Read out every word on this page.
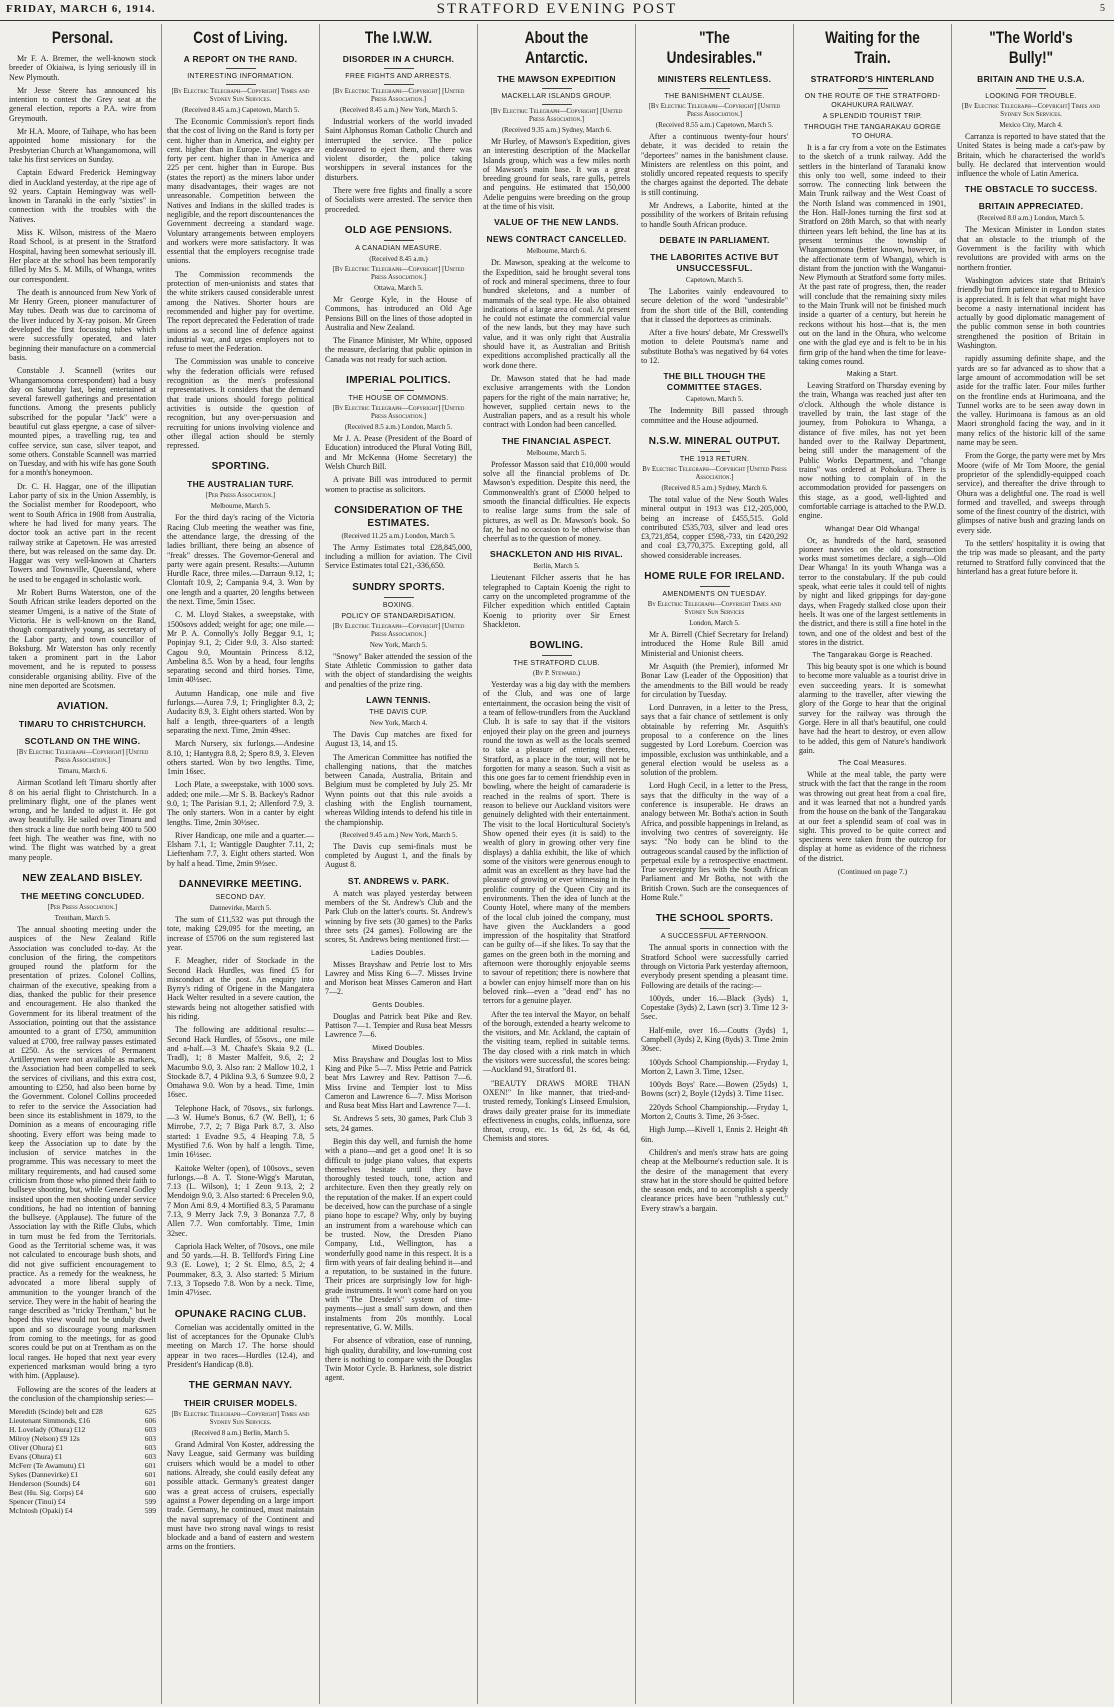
FRIDAY, MARCH 6, 1914.	STRATFORD EVENING POST	5
Personal.
Mr F. A. Bremer, the well-known stock breeder of Okiaiwa, is lying seriously ill in New Plymouth.
Mr Jesse Steere has announced his intention to contest the Grey seat at the general election, reports a P.A. wire from Greymouth.
Mr H.A. Moore, of Taihape, who has been appointed home missionary for the Presbyterian Church at Whangamomona, will take his first services on Sunday.
Captain Edward Frederick Hemingway died in Auckland yesterday, at the ripe age of 92 years. Captain Hemingway was well-known in Taranaki in the early "sixties" in connection with the troubles with the Natives.
Miss K. Wilson, mistress of the Maero Road School, is at present in the Stratford Hospital, having been somewhat seriously ill. Her place at the school has been temporarily filled by Mrs S. M. Mills, of Whanga, writes our correspondent.
The death is announced from New York of Mr Henry Green, pioneer manufacturer of May tubes. Death was due to carcinoma of the liver induced by X-ray poison. Mr Green developed the first focussing tubes which were successfully operated, and later beginning their manufacture on a commercial basis.
Constable J. Scannell (writes our Whangamomona correspondent) had a busy day on Saturday last, being entertained at several farewell gatherings and presentation functions. Among the presents publicly subscribed for the popular "Jack" were a beautiful cut glass epergne, a case of silver-mounted pipes, a travelling rug, tea and coffee service, sun case, silver teapot, and some others. Constable Scannell was married on Tuesday, and with his wife has gone South for a month's honeymoon.
Dr. C. H. Haggar, one of the illiputian Labor party of six in the Union Assembly, is the Socialist member for Roodepoort, who went to South Africa in 1908 from Australia, where he had lived for many years. The doctor took an active part in the recent railway strike at Capetown. He was arrested there, but was released on the same day. Dr. Haggar was very well-known at Charters Towers and Townsville, Queensland, where he used to be engaged in scholastic work.
Mr Robert Burns Waterston, one of the South African strike leaders deported on the steamer Umgeni, is a native of the State of Victoria. He is well-known on the Rand, though comparatively young, as secretary of the Labor party, and town councillor of Boksburg. Mr Waterston has only recently taken a prominent part in the Labor movement, and he is reputed to possess considerable organising ability. Five of the nine men deported are Scotsmen.
AVIATION.
TIMARU TO CHRISTCHURCH.
SCOTLAND ON THE WING.
[By Electric Telegraph—Copyright] [United Press Association.]
Timaru, March 6.
Airman Scotland left Timaru shortly after 8 on his aerial flight to Christchurch. In a preliminary flight, one of the planes went wrong, and he landed to adjust it. He got away beautifully. He sailed over Timaru and then struck a line due north being 400 to 500 feet high. The weather was fine, with no wind. The flight was watched by a great many people.
NEW ZEALAND BISLEY.
THE MEETING CONCLUDED.
[Per Press Association.]
Trentham, March 5.
The annual shooting meeting under the auspices of the New Zealand Rifle Association was concluded to-day. At the conclusion of the firing, the competitors grouped round the platform for the presentation of prizes. Colonel Collins, chairman of the executive, speaking from a dias, thanked the public for their presence and encouragement. He also thanked the Government for its liberal treatment of the Association, pointing out that the assistance amounted to a grant of £750, ammunition valued at £700, free railway passes estimated at £250. As the services of Permanent Artillerymen were not available as markers, the Association had been compelled to seek the services of civilians, and this extra cost, amounting to £250, had also been borne by the Government. Colonel Collins proceeded to refer to the service the Association had been since its establishment in 1879, to the Dominion as a means of encouraging rifle shooting. Every effort was being made to keep the Association up to date by the inclusion of service matches in the programme. This was necessary to meet the military requirements, and had caused some criticism from those who pinned their faith to bullseye shooting, but, while General Godley insisted upon the men shooting under service conditions, he had no intention of banning the bullseye. (Applause). The future of the Association lay with the Rifle Clubs, which in turn must be fed from the Territorials. Good as the Territorial scheme was, it was not calculated to encourage bush shots, and did not give sufficient encouragement to practice. As a remedy for the weakness, he advocated a more liberal supply of ammunition to the younger branch of the service. They were in the habit of hearing the range described as "tricky Trentham," but he hoped this view would not be unduly dwelt upon and so discourage young marksmen from coming to the meetings, for as good scores could be put on at Trentham as on the local ranges. He hoped that next year every experienced marksman would bring a tyro with him. (Applause).
Following are the scores of the leaders at the conclusion of the championship series:—
Meredith (Scinde) belt and £28	625
Lieutenant Simmonds, £16	606
H. Lovelady (Ohura) £12	603
Milroy (Nelson) £9 12s	603
Oliver (Ohura) £1	603
Evans (Ohura) £1	603
McFerr (Te Awamutu) £1	601
Sykes (Dannevirke) £1	601
Henderson (Sounds) £4	601
Best (Hu. Sig. Corps) £4	600
Spencer (Tinui) £4	599
McIntosh (Opaki) £4	599
Cost of Living.
A REPORT ON THE RAND.
INTERESTING INFORMATION.
[By Electric Telegraph—Copyright] Times and Sydney Sun Services.
(Received 8.45 a.m.) Capetown, March 5.
The Economic Commission's report finds that the cost of living on the Rand is forty per cent. higher than in America, and eighty per cent. higher than in Europe. The wages are forty per cent. higher than in America and 225 per cent. higher than in Europe. Bus (states the report) as the miners labor under many disadvantages, their wages are not unreasonable. Competition between the Natives and Indians in the skilled trades is negligible, and the report discountenances the Government decreeing a standard wage. Voluntary arrangements between employers and workers were more satisfactory. It was essential that the employers recognise trade unions.
The Commission recommends the protection of men-unionists and states that the white strikers caused considerable unrest among the Natives. Shorter hours are recommended and higher pay for overtime. The report deprecated the Federation of trade unions as a second line of defence against industrial war, and urges employers not to refuse to meet the Federation.
The Commission was unable to conceive why the federation officials were refused recognition as the men's professional representatives. It considers that the demand that trade unions should forego political activities is outside the question of recognition, but any over-persuasion and recruiting for unions involving violence and other illegal action should be sternly repressed.
SPORTING.
THE AUSTRALIAN TURF.
[Per Press Association.]
Melbourne, March 5.
For the third day's racing of the Victoria Racing Club meeting the weather was fine, the attendance large, the dressing of the ladies brilliant, there being an absence of "freak" dresses. The Governor-General and party were again present. Results:—Autumn Hurdle Race, three miles.—Darraun 9.12, 1; Clontaft 10.9, 2; Campania 9.4, 3. Won by one length and a quarter, 20 lengths between the next. Time, 5min 15sec.
C. M. Lloyd Stakes, a sweepstake, with 1500sovs added; weight for age; one mile.—Mr P. A. Connolly's Jolly Beggar 9.1, 1; Popinjay 9.1, 2; Cider 9.0, 3. Also started: Cagou 9.0, Mountain Princess 8.12, Ambelina 8.5. Won by a head, four lengths separating second and third horses. Time, 1min 40½sec.
Autumn Handicap, one mile and five furlongs.—Aurea 7.9, 1; Fringlighter 8.3, 2; Audacity 8.9, 3. Eight others started. Won by half a length, three-quarters of a length separating the next. Time, 2min 49sec.
March Nursery, six furlongs.—Andesine 8.10, 1; Hantygra 8.8, 2; Spero 8.9, 3. Eleven others started. Won by two lengths. Time, 1min 16sec.
Loch Plate, a sweepstake, with 1000 sovs. added; one mile.—Mr S. B. Backey's Radnor 9.0, 1; The Parisian 9.1, 2; Allenford 7.9, 3. The only starters. Won in a canter by eight lengths. Time, 2min 30½sec.
River Handicap, one mile and a quarter.—Elsham 7.1, 1; Wantiggle Daughter 7.11, 2; Lieftenham 7.7, 3. Eight others started. Won by half a head. Time, 2min 9½sec.
DANNEVIRKE MEETING.
SECOND DAY.
Dannevirke, March 5.
The sum of £11,532 was put through the tote, making £29,095 for the meeting, an increase of £5706 on the sum registered last year.
F. Meagher, rider of Stockade in the Second Hack Hurdles, was fined £5 for misconduct at the post. An enquiry into Byrry's riding of Origene in the Mangatera Hack Welter resulted in a severe caution, the stewards being not altogether satisfied with his riding.
The following are additional results:—Second Hack Hurdles, of 55sovs., one mile and a-half.—3 M. Chaafe's Skaia 9.2 (L. Tradl), 1; 8 Master Malfeit, 9.6, 2; 2 Macumbo 9.0, 3. Also ran: 2 Mallow 10.2, 1 Stockade 8.7, 4 Piklina 9.3, 6 Sumzee 9.0, 2 Omahawa 9.0. Won by a head. Time, 1min 16sec.
Telephone Hack, of 70sovs., six furlongs.—3 W. Hume's Bonus, 6.7 (W. Bell), 1; 6 Mirrobe, 7.7, 2; 7 Biga Park 8.7, 3. Also started: 1 Evadne 9.5, 4 Heaping 7.8, 5 Mystified 7.6. Won by half a length. Time, 1min 16½sec.
Kaitoke Welter (open), of 100sovs., seven furlongs.—8 A. T. Stone-Wigg's Marutan, 7.13 (L. Wilson), 1; 1 Zeon 9.13, 2; 2 Mendoign 9.0, 3. Also started: 6 Precelen 9.0, 7 Mon Ami 8.9, 4 Mortified 8.3, 5 Paramanu 7.13, 9 Merry Jack 7.9, 3 Bonanza 7.7, 8 Allen 7.7. Won comfortably. Time, 1min 32sec.
Capriola Hack Welter, of 70sovs., one mile and 50 yards.—H. B. Tellford's Firing Line 9.3 (E. Lowe), 1; 2 St. Elmo, 8.5, 2; 4 Poummaker, 8.3, 3. Also started: 5 Mirium 7.13, 3 Topsedo 7.8. Won by a neck. Time, 1min 47½sec.
OPUNAKE RACING CLUB.
Cornelian was accidentally omitted in the list of acceptances for the Opunake Club's meeting on March 17. The horse should appear in two races—Hurdles (12.4), and President's Handicap (8.8).
THE GERMAN NAVY.
THEIR CRUISER MODELS.
[By Electric Telegraph—Copyright] Times and Sydney Sun Services.
(Received 8 a.m.) Berlin, March 5.
Grand Admiral Von Koster, addressing the Navy League, said Germany was building cruisers which would be a model to other nations. Already, she could easily defeat any possible attack. Germany's greatest danger was a great access of cruisers, especially against a Power depending on a large import trade. Germany, he continued, must maintain the naval supremacy of the Continent and must have two strong naval wings to resist blockade and a band of eastern and western arms on the frontiers.
The I.W.W.
DISORDER IN A CHURCH.
FREE FIGHTS AND ARRESTS.
[By Electric Telegraph—Copyright] [United Press Association.]
(Received 8.45 a.m.) New York, March 5.
Industrial workers of the world invaded Saint Alphonsus Roman Catholic Church and interrupted the service. The police endeavoured to eject them, and there was violent disorder, the police taking worshippers in several instances for the disturbers.
There were free fights and finally a score of Socialists were arrested. The service then proceeded.
OLD AGE PENSIONS.
A CANADIAN MEASURE.
(Received 8.45 a.m.)
[By Electric Telegraph—Copyright] [United Press Association.]
Ottawa, March 5.
Mr George Kyle, in the House of Commons, has introduced an Old Age Pensions Bill on the lines of those adopted in Australia and New Zealand.
The Finance Minister, Mr White, opposed the measure, declaring that public opinion in Canada was not ready for such action.
IMPERIAL POLITICS.
THE HOUSE OF COMMONS.
[By Electric Telegraph—Copyright] [United Press Association.]
(Received 8.5 a.m.) London, March 5.
Mr J. A. Pease (President of the Board of Education) introduced the Plural Voting Bill, and Mr McKenna (Home Secretary) the Welsh Church Bill.
A private Bill was introduced to permit women to practise as solicitors.
CONSIDERATION OF THE ESTIMATES.
(Received 11.25 a.m.) London, March 5.
The Army Estimates total £28,845,000, including a million for aviation. The Civil Service Estimates total £21,-336,650.
SUNDRY SPORTS.
BOXING.
POLICY OF STANDARDISATION.
[By Electric Telegraph—Copyright] [United Press Association.]
New York, March 5.
"Snowy" Baker attended the session of the State Athletic Commission to gather data with the object of standardising the weights and penalties of the prize ring.
LAWN TENNIS.
THE DAVIS CUP.
New York, March 4.
The Davis Cup matches are fixed for August 13, 14, and 15.
The American Committee has notified the challenging nations, that the matches between Canada, Australia, Britain and Belgium must be completed by July 25. Mr Wynn points out that this rule avoids a clashing with the English tournament, whereas Wilding intends to defend his title in the championship.
(Received 9.45 a.m.) New York, March 5.
The Davis cup semi-finals must be completed by August 1, and the finals by August 8.
ST. ANDREWS v. PARK.
A match was played yesterday between members of the St. Andrew's Club and the Park Club on the latter's courts. St. Andrew's winning by five sets (30 games) to the Parks three sets (24 games). Following are the scores, St. Andrews being mentioned first:—
Ladies Doubles.
Misses Brayshaw and Petrie lost to Mrs Lawrey and Miss King 6—7. Misses Irvine and Morison beat Misses Cameron and Hart 7—2.
Gents Doubles.
Douglas and Patrick beat Pike and Rev. Pattison 7—1. Tempier and Rusa beat Messrs Lawrence 7—6.
Mixed Doubles.
Miss Brayshaw and Douglas lost to Miss King and Pike 5—7. Miss Petrie and Patrick beat Mrs Lawrey and Rev. Pattison 7—6. Miss Irvine and Tempier lost to Miss Cameron and Lawrence 6—7. Miss Morison and Rusa beat Miss Hart and Lawrence 7—1.
St. Andrews 5 sets, 30 games, Park Club 3 sets, 24 games.
Begin this day well, and furnish the home with a piano—and get a good one! It is so difficult to judge piano values, that experts themselves hesitate until they have thoroughly tested touch, tone, action and architecture. Even then they greatly rely on the reputation of the maker. If an expert could be deceived, how can the purchase of a single piano hope to escape? Why, only by buying an instrument from a warehouse which can be trusted. Now, the Dresden Piano Company, Ltd., Wellington, has a wonderfully good name in this respect. It is a firm with years of fair dealing behind it—and a reputation, to be sustained in the future. Their prices are surprisingly low for high-grade instruments. It won't come hard on you with "The Dresden's" system of time-payments—just a small sum down, and then instalments from 20s monthly. Local representative, G. W. Mills.
For absence of vibration, ease of running, high quality, durability, and low-running cost there is nothing to compare with the Douglas Twin Motor Cycle. B. Harkness, sole district agent.
About the Antarctic.
THE MAWSON EXPEDITION
MACKELLAR ISLANDS GROUP.
[By Electric Telegraph—Copyright] [United Press Association.]
(Received 9.35 a.m.) Sydney, March 6.
Mr Hurley, of Mawson's Expedition, gives an interesting description of the Mackellar Islands group, which was a few miles north of Mawson's main base. It was a great breeding ground for seals, rare gulls, petrels and penguins. He estimated that 150,000 Adelie penguins were breeding on the group at the time of his visit.
VALUE OF THE NEW LANDS.
NEWS CONTRACT CANCELLED.
Melbourne, March 6.
Dr. Mawson, speaking at the welcome to the Expedition, said he brought several tons of rock and mineral specimens, three to four hundred skeletons, and a number of mammals of the seal type. He also obtained indications of a large area of coal. At present he could not estimate the commercial value of the new lands, but they may have such value, and it was only right that Australia should have it, as Australian and British expeditions accomplished practically all the work done there.
Dr. Mawson stated that he had made exclusive arrangements with the London papers for the right of the main narrative; he, however, supplied certain news to the Australian papers, and as a result his whole contract with London had been cancelled.
THE FINANCIAL ASPECT.
Melbourne, March 5.
Professor Masson said that £10,000 would solve all the financial problems of Dr. Mawson's expedition. Despite this need, the Commonwealth's grant of £5000 helped to smooth the financial difficulties. He expects to realise large sums from the sale of pictures, as well as Dr. Mawson's book. So far, he had no occasion to be otherwise than cheerful as to the question of money.
SHACKLETON AND HIS RIVAL.
Berlin, March 5.
Lieutenant Filcher asserts that he has telegraphed to Captain Koenig the right to carry on the uncompleted programme of the Filcher expedition which entitled Captain Koenig to priority over Sir Ernest Shackleton.
BOWLING.
THE STRATFORD CLUB.
(By P. Steward.)
Yesterday was a big day with the members of the Club, and was one of large entertainment, the occasion being the visit of a team of fellow-trundlers from the Auckland Club. It is safe to say that if the visitors enjoyed their play on the green and journeys round the town as well as the locals seemed to take a pleasure of entering thereto, Stratford, as a place in the tour, will not be forgotten for many a season. Such a visit as this one goes far to cement friendship even in bowling, where the height of camaraderie is reached in the realms of sport. There is reason to believe our Auckland visitors were genuinely delighted with their entertainment. The visit to the local Horticultural Society's Show opened their eyes (it is said) to the wealth of glory in growing other very fine displays) a dahlia exhibit, the like of which some of the visitors were generous enough to admit was an excellent as they have had the pleasure of growing or ever witnessing in the prolific country of the Queen City and its environments. Then the idea of lunch at the County Hotel, where many of the members of the local club joined the company, must have given the Aucklanders a good impression of the hospitality that Stratford can be guilty of—if she likes. To say that the games on the green both in the morning and afternoon were thoroughly enjoyable seems to savour of repetition; there is nowhere that a bowler can enjoy himself more than on his beloved rink—even a "dead end" has no terrors for a genuine player.
After the tea interval the Mayor, on behalf of the borough, extended a hearty welcome to the visitors, and Mr. Ackland, the captain of the visiting team, replied in suitable terms. The day closed with a rink match in which the visitors were successful, the scores being:—Auckland 91, Stratford 81.
"BEAUTY DRAWS MORE THAN OXEN!" In like manner, that tried-and-trusted remedy, Tonking's Linseed Emulsion, draws daily greater praise for its immediate effectiveness in coughs, colds, influenza, sore throat, croup, etc. 1s 6d, 2s 6d, 4s 6d, Chemists and stores.
"The Undesirables."
MINISTERS RELENTLESS.
THE BANISHMENT CLAUSE.
[By Electric Telegraph—Copyright] [United Press Association.]
(Received 8.55 a.m.) Capetown, March 5.
After a continuous twenty-four hours' debate, it was decided to retain the "deportees" names in the banishment clause. Ministers are relentless on this point, and stolidly uncored repeated requests to specify the charges against the deported. The debate is still continuing.
Mr Andrews, a Laborite, hinted at the possibility of the workers of Britain refusing to handle South African produce.
DEBATE IN PARLIAMENT.
THE LABORITES ACTIVE BUT UNSUCCESSFUL.
Capetown, March 5.
The Laborites vainly endeavoured to secure deletion of the word "undesirable" from the short title of the Bill, contending that it classed the deportees as criminals.
After a five hours' debate, Mr Cresswell's motion to delete Poutsma's name and substitute Botha's was negatived by 64 votes to 12.
THE BILL THOUGH THE COMMITTEE STAGES.
Capetown, March 5.
The Indemnity Bill passed through committee and the House adjourned.
N.S.W. MINERAL OUTPUT.
THE 1913 RETURN.
By Electric Telegraph—Copyright [United Press Association.]
(Received 8.5 a.m.) Sydney, March 6.
The total value of the New South Wales mineral output in 1913 was £12,-205,000, being an increase of £455,515. Gold contributed £535,703, silver and lead ores £3,721,854, copper £598,-733, tin £420,292 and coal £3,770,375. Excepting gold, all showed considerable increases.
HOME RULE FOR IRELAND.
AMENDMENTS ON TUESDAY.
By Electric Telegraph—Copyright Times and Sydney Sun Services
London, March 5.
Mr A. Birrell (Chief Secretary for Ireland) introduced the Home Rule Bill amid Ministerial and Unionist cheers.
Mr Asquith (the Premier), informed Mr Bonar Law (Leader of the Opposition) that the amendments to the Bill would be ready for circulation by Tuesday.
Lord Dunraven, in a letter to the Press, says that a fair chance of settlement is only obtainable by referring Mr. Asquith's proposal to a conference on the lines suggested by Lord Loreburn. Coercion was impossible, exclusion was unthinkable, and a general election would be useless as a solution of the problem.
Lord Hugh Cecil, in a letter to the Press, says that the difficulty in the way of a conference is insuperable. He draws an analogy between Mr. Botha's action in South Africa, and possible happenings in Ireland, as involving two centres of sovereignty. He says: "No body can be blind to the outrageous scandal caused by the infliction of perpetual exile by a retrospective enactment. True sovereignty lies with the South African Parliament and Mr Botha, not with the British Crown. Such are the consequences of Home Rule."
THE SCHOOL SPORTS.
A SUCCESSFUL AFTERNOON.
The annual sports in connection with the Stratford School were successfully carried through on Victoria Park yesterday afternoon, everybody present spending a pleasant time. Following are details of the racing:—
100yds, under 16.—Black (3yds) 1, Copestake (3yds) 2, Lawn (scr) 3. Time 12 3-5sec.
Half-mile, over 16.—Coutts (3yds) 1, Campbell (3yds) 2, King (8yds) 3. Time 2min 30sec.
100yds School Championship.—Fryday 1, Morton 2, Lawn 3. Time, 12sec.
100yds Boys' Race.—Bowen (25yds) 1, Bowns (scr) 2, Boyle (12yds) 3. Time 11sec.
220yds School Championship.—Fryday 1, Morton 2, Coutts 3. Time, 26 3-5sec.
High Jump.—Kivell 1, Ennis 2. Height 4ft 6in.
Children's and men's straw hats are going cheap at the Melbourne's reduction sale. It is the desire of the management that every straw hat in the store should be quitted before the season ends, and to accomplish a speedy clearance prices have been "ruthlessly cut." Every straw's a bargain.
Waiting for the Train.
STRATFORD'S HINTERLAND
ON THE ROUTE OF THE STRATFORD-OKAHUKURA RAILWAY.
A SPLENDID TOURIST TRIP.
THROUGH THE TANGARAKAU GORGE TO OHURA.
It is a far cry from a vote on the Estimates to the sketch of a trunk railway. Add the settlers in the hinterland of Taranaki know this only too well, some indeed to their sorrow. The connecting link between the Main Trunk railway and the West Coast of the North Island was commenced in 1901, the Hon. Hall-Jones turning the first sod at Stratford on 28th March, so that with nearly thirteen years left behind, the line has at its present terminus the township of Whangamomona (better known, however, in the affectionate term of Whanga), which is distant from the junction with the Wanganui-New Plymouth at Stratford some forty miles. At the past rate of progress, then, the reader will conclude that the remaining sixty miles to the Main Trunk will not be finished much inside a quarter of a century, but herein he reckons without his host—that is, the men out on the land in the Ohura, who welcome one with the glad eye and is felt to be in his firm grip of the hand when the time for leave-taking comes round.
Making a Start.
Leaving Stratford on Thursday evening by the train, Whanga was reached just after ten o'clock. Although the whole distance is travelled by train, the last stage of the journey, from Pohokura to Whanga, a distance of five miles, has not yet been handed over to the Railway Department, being still under the management of the Public Works Department, and "change trains" was ordered at Pohokura. There is now nothing to complain of in the accommodation provided for passengers on this stage, as a good, well-lighted and comfortable carriage is attached to the P.W.D. engine.
Whanga! Dear Old Whanga!
Or, as hundreds of the hard, seasoned pioneer navvies on the old construction works must sometimes declare, a sigh—Old Dear Whanga! In its youth Whanga was a terror to the constabulary. If the pub could speak, what eerie tales it could tell of nights by night and liked grippings for day-gone days, when Fragedy stalked close upon their heels. It was one of the largest settlements in the district, and there is still a fine hotel in the town, and one of the oldest and best of the stores in the district.
The Tangarakau Gorge is Reached.
This big beauty spot is one which is bound to become more valuable as a tourist drive in even succeeding years. It is somewhat alarming to the traveller, after viewing the glory of the Gorge to hear that the original survey for the railway was through the Gorge. Here in all that's beautiful, one could have had the heart to destroy, or even allow to be added, this gem of Nature's handiwork gain.
The Coal Measures.
While at the meal table, the party were struck with the fact that the range in the room was throwing out great heat from a coal fire, and it was learned that not a hundred yards from the house on the bank of the Tangarakau at our feet a splendid seam of coal was in sight. This proved to be quite correct and specimens were taken from the outcrop for display at home as evidence of the richness of the district.
(Continued on page 7.)
"The World's Bully!"
BRITAIN AND THE U.S.A.
LOOKING FOR TROUBLE.
[By Electric Telegraph—Copyright] Times and Sydney Sun Services.
Mexico City, March 4.
Carranza is reported to have stated that the United States is being made a cat's-paw by Britain, which he characterised the world's bully. He declared that intervention would influence the whole of Latin America.
THE OBSTACLE TO SUCCESS.
BRITAIN APPRECIATED.
(Received 8.0 a.m.) London, March 5.
The Mexican Minister in London states that an obstacle to the triumph of the Government is the facility with which revolutions are provided with arms on the northern frontier.
Washington advices state that Britain's friendly but firm patience in regard to Mexico is appreciated. It is felt that what might have become a nasty international incident has actually by good diplomatic management of the public common sense in both countries strengthened the position of Britain in Washington.
rapidly assuming definite shape, and the yards are so far advanced as to show that a large amount of accommodation will be set aside for the traffic later. Four miles further on the frontline ends at Hurimoana, and the Tunnel works are to be seen away down in the valley. Hurimoana is famous as an old Maori stronghold facing the way, and in it many relics of the historic kill of the same name may be seen.
From the Gorge, the party were met by Mrs Moore (wife of Mr Tom Moore, the genial proprietor of the splendidly-equipped coach service), and thereafter the drive through to Ohura was a delightful one. The road is well formed and travelled, and sweeps through some of the finest country of the district, with glimpses of native bush and grazing lands on every side.
To the settlers' hospitality it is owing that the trip was made so pleasant, and the party returned to Stratford fully convinced that the hinterland has a great future before it.
